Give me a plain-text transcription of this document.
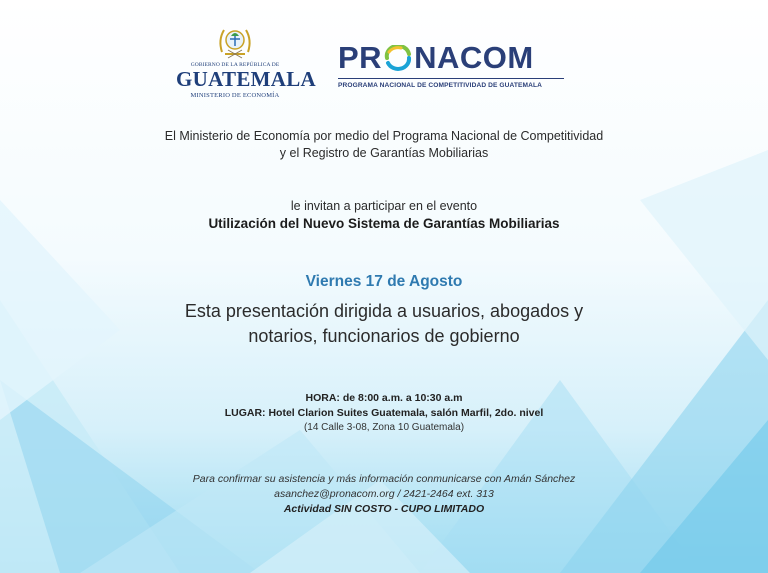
GOBIERNO DE LA REPÚBLICA DE
GUATEMALA
MINISTERIO DE ECONOMÍA
PR NACOM
PROGRAMA NACIONAL DE COMPETITIVIDAD DE GUATEMALA
El Ministerio de Economía por medio del Programa Nacional de Competitividad
y el Registro de Garantías Mobiliarias
le invitan a participar en el evento
Utilización del Nuevo Sistema de Garantías Mobiliarias
Viernes 17 de Agosto
Esta presentación dirigida a usuarios, abogados y
notarios, funcionarios de gobierno
HORA: de 8:00 a.m. a 10:30 a.m
LUGAR: Hotel Clarion Suites Guatemala, salón Marfil, 2do. nivel
(14 Calle 3-08, Zona 10 Guatemala)
Para confirmar su asistencia y más información conmunicarse con Amán Sánchez
asanchez@pronacom.org / 2421-2464 ext. 313
Actividad SIN COSTO - CUPO LIMITADO
